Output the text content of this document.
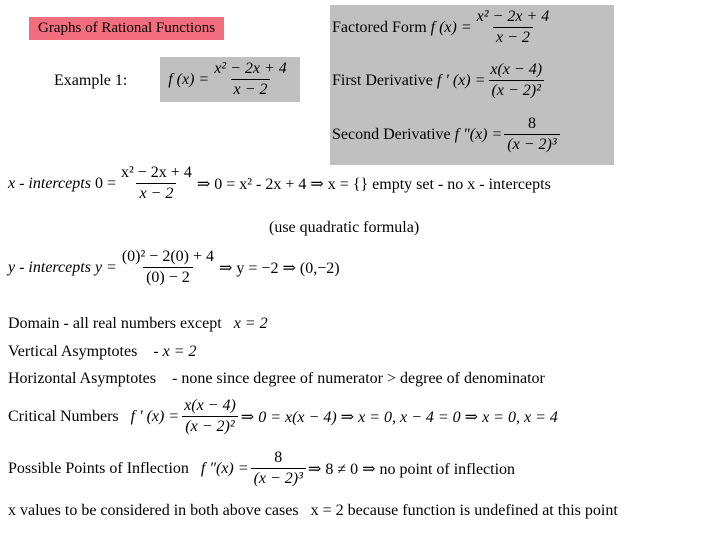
Graphs of Rational Functions
Example 1:	f $(x) = \frac{\text{x² − 2x + 4}}{x - 2}$
Factored Form
f $(x) = \frac{\text{x² − 2x + 4}}{x - 2}$
First Derivative
f ′ $(x) = \frac{x(x - 4)}{\text{(x − 2)²}}$
Second Derivative
f $''(x) = \frac{8}{\text{(x − 2)³}}$
x - intercepts
$0 = \frac{\text{x² − 2x + 4}}{x - 2}$ ⇒ 0 = x² - 2x + 4 ⇒ x = {} empty set - no x - intercepts
(use quadratic formula)
y - intercepts
$y = \frac{\text{(0)² − 2(0) + 4}}{(0) - 2}$ ⇒ y = −2 ⇒ (0,−2)
Domain - all real numbers except x = 2
Vertical Asymptotes - x = 2
Horizontal Asymptotes - none since degree of numerator > degree of denominator
Critical Numbers
f ′ $(x) = \frac{x(x - 4)}{\text{(x − 2)²}}$ ⇒ 0 = x(x − 4) ⇒ x = 0, x − 4 = 0 ⇒ x = 0, x = 4
Possible Points of Inflection
f $''(x) = \frac{8}{\text{(x − 2)³}}$ ⇒ 8 ≠ 0 ⇒ no point of inflection
x values to be considered in both above cases x = 2 because function is undefined at this point
